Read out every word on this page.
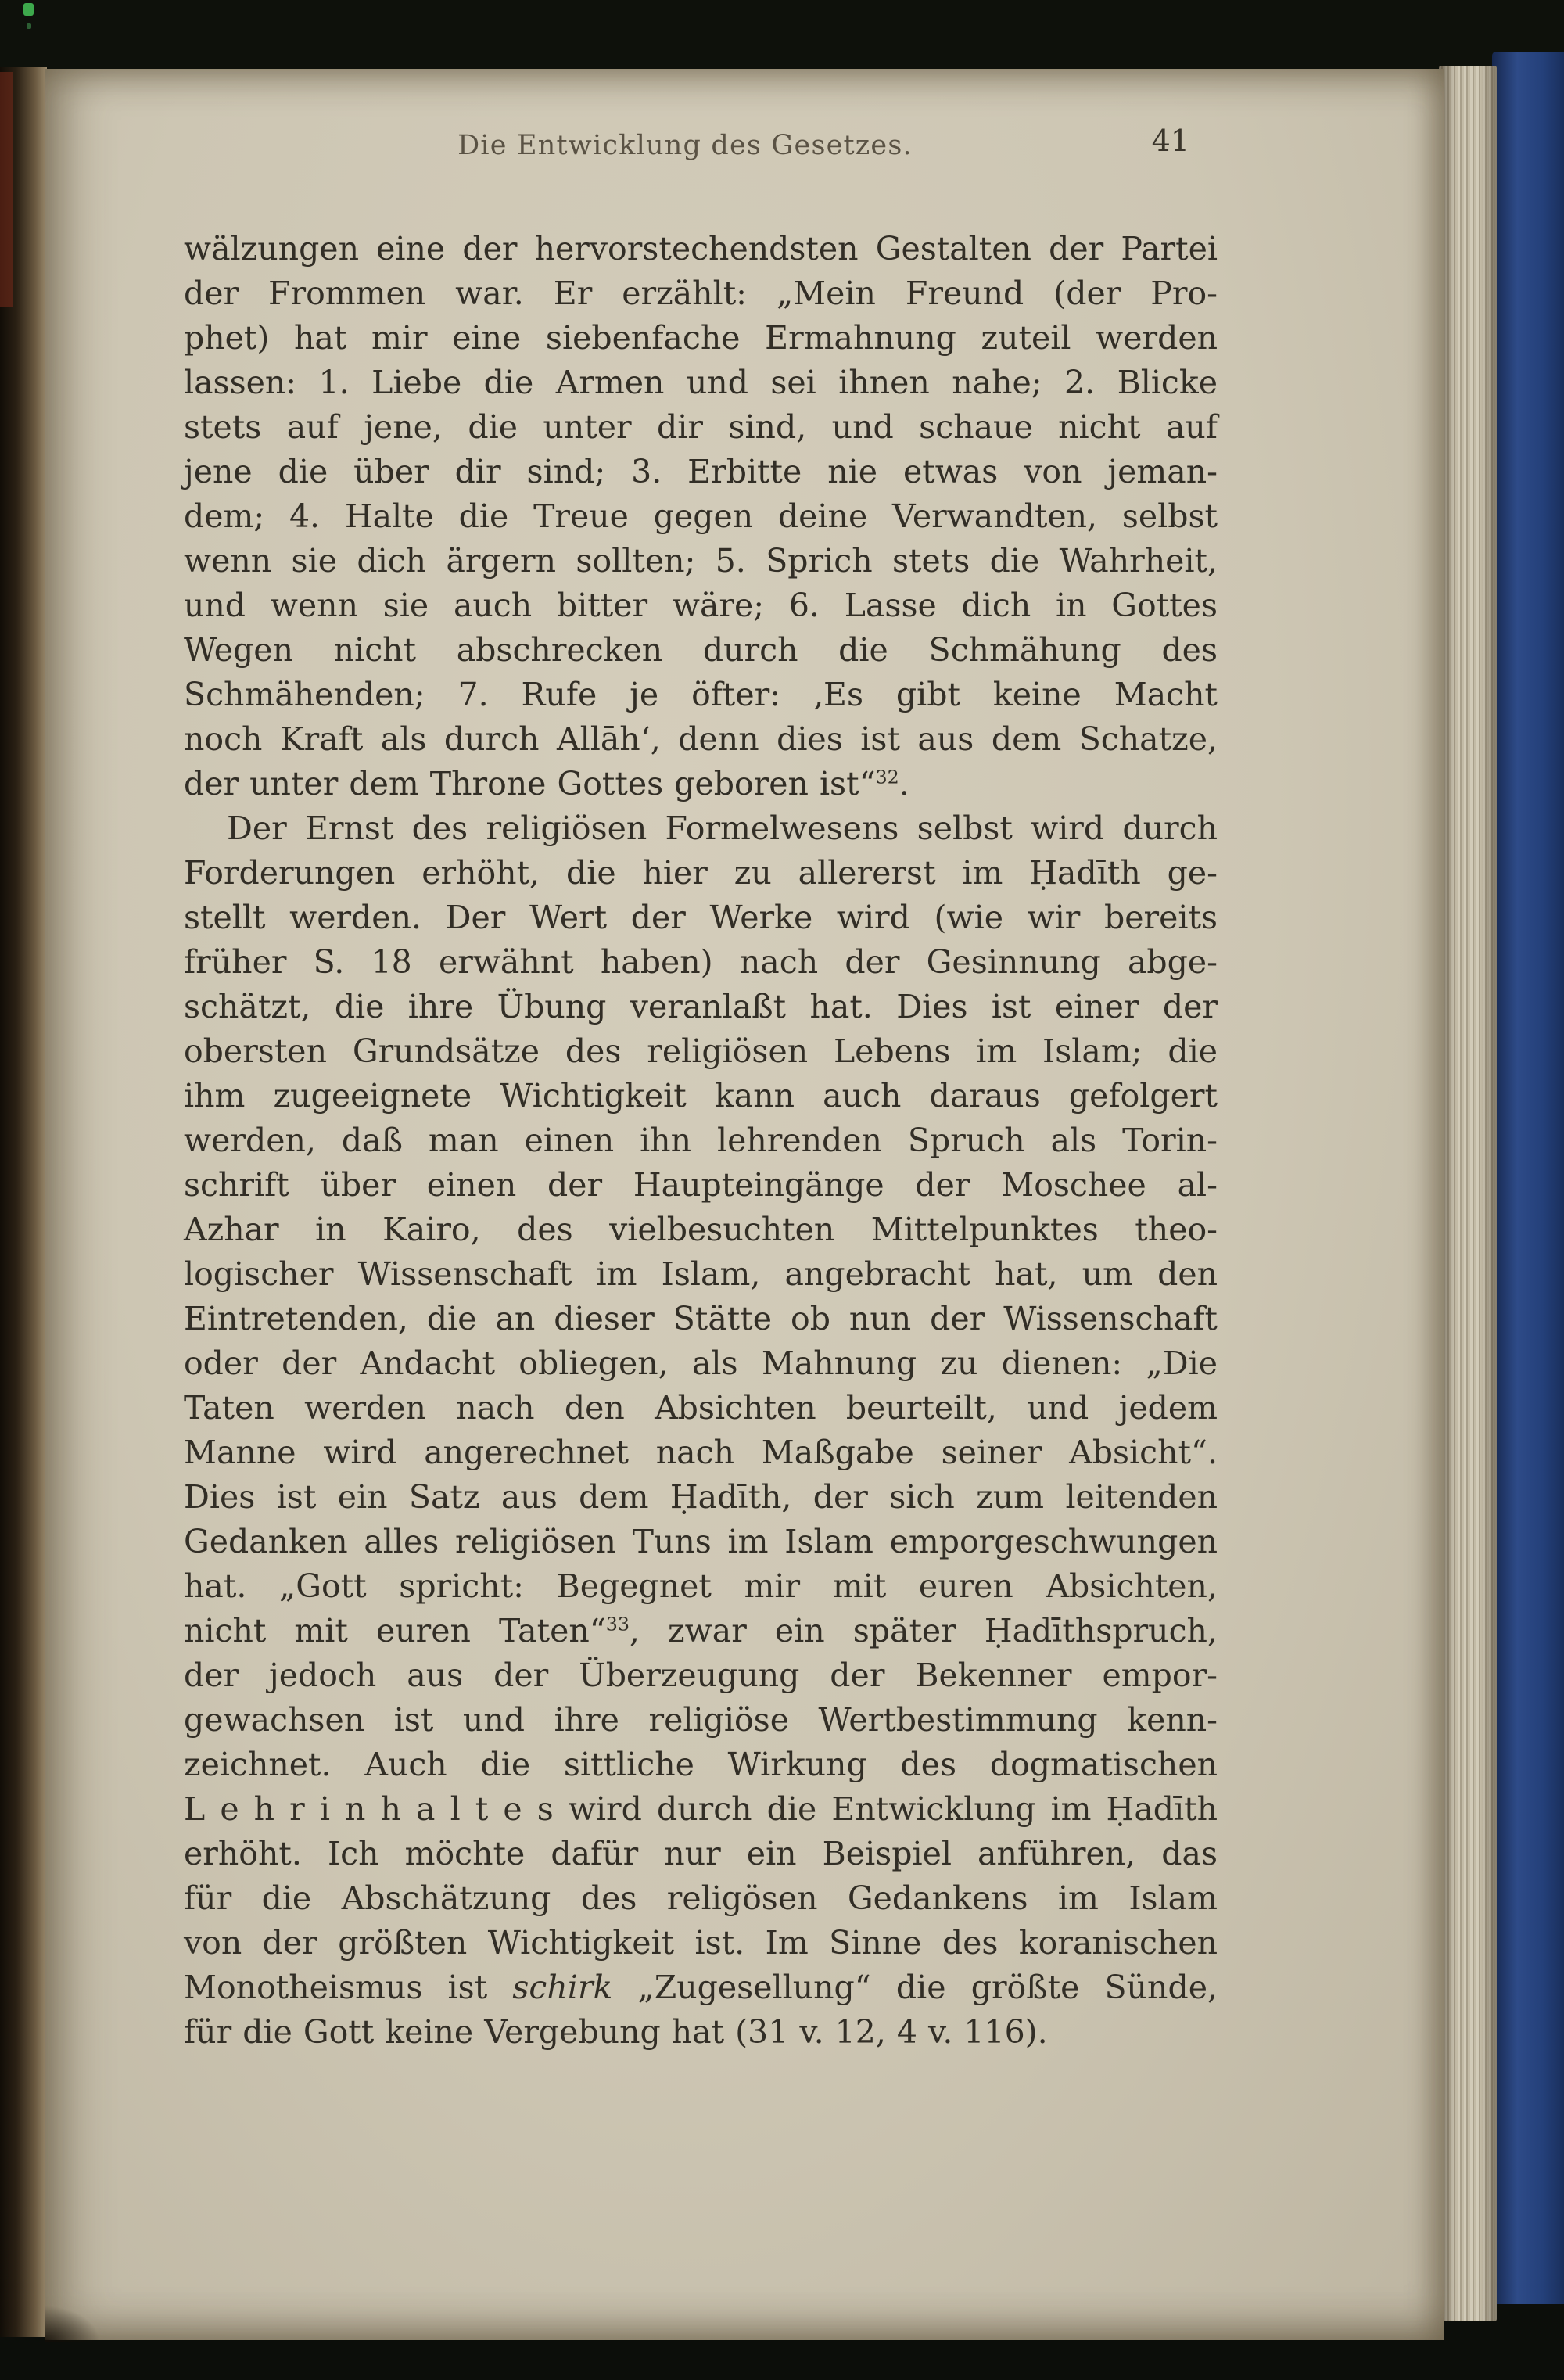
Die Entwicklung des Gesetzes.	41
wälzungen eine der hervorstechendsten Gestalten der Partei
der Frommen war. Er erzählt: „Mein Freund (der Pro-
phet) hat mir eine siebenfache Ermahnung zuteil werden
lassen: 1. Liebe die Armen und sei ihnen nahe; 2. Blicke
stets auf jene, die unter dir sind, und schaue nicht auf
jene die über dir sind; 3. Erbitte nie etwas von jeman-
dem; 4. Halte die Treue gegen deine Verwandten, selbst
wenn sie dich ärgern sollten; 5. Sprich stets die Wahrheit,
und wenn sie auch bitter wäre; 6. Lasse dich in Gottes
Wegen nicht abschrecken durch die Schmähung des
Schmähenden; 7. Rufe je öfter: ‚Es gibt keine Macht
noch Kraft als durch Allāh‘, denn dies ist aus dem Schatze,
der unter dem Throne Gottes geboren ist“$^{32}$.
Der Ernst des religiösen Formelwesens selbst wird durch
Forderungen erhöht, die hier zu allererst im Ḥadīth ge-
stellt werden. Der Wert der Werke wird (wie wir bereits
früher S. 18 erwähnt haben) nach der Gesinnung abge-
schätzt, die ihre Übung veranlaßt hat. Dies ist einer der
obersten Grundsätze des religiösen Lebens im Islam; die
ihm zugeeignete Wichtigkeit kann auch daraus gefolgert
werden, daß man einen ihn lehrenden Spruch als Torin-
schrift über einen der Haupteingänge der Moschee al-
Azhar in Kairo, des vielbesuchten Mittelpunktes theo-
logischer Wissenschaft im Islam, angebracht hat, um den
Eintretenden, die an dieser Stätte ob nun der Wissenschaft
oder der Andacht obliegen, als Mahnung zu dienen: „Die
Taten werden nach den Absichten beurteilt, und jedem
Manne wird angerechnet nach Maßgabe seiner Absicht“.
Dies ist ein Satz aus dem Ḥadīth, der sich zum leitenden
Gedanken alles religiösen Tuns im Islam emporgeschwungen
hat. „Gott spricht: Begegnet mir mit euren Absichten,
nicht mit euren Taten“$^{33}$, zwar ein später Ḥadīthspruch,
der jedoch aus der Überzeugung der Bekenner empor-
gewachsen ist und ihre religiöse Wertbestimmung kenn-
zeichnet. Auch die sittliche Wirkung des dogmatischen
L e h r i n h a l t e s wird durch die Entwicklung im Ḥadīth
erhöht. Ich möchte dafür nur ein Beispiel anführen, das
für die Abschätzung des religösen Gedankens im Islam
von der größten Wichtigkeit ist. Im Sinne des koranischen
Monotheismus ist schirk „Zugesellung“ die größte Sünde,
für die Gott keine Vergebung hat (31 v. 12, 4 v. 116).
